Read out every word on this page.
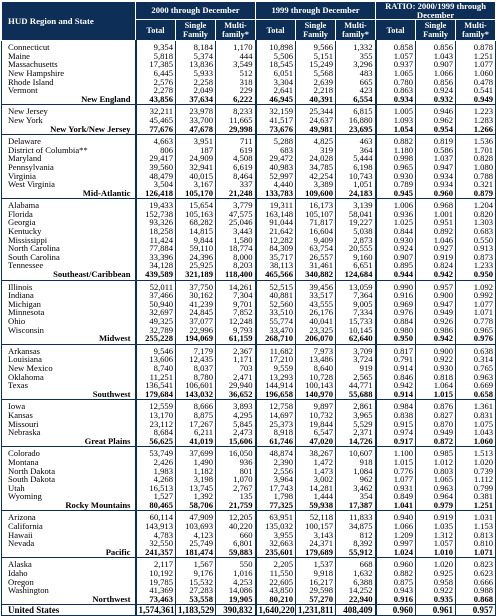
HUD Region and State	2000 through December			1999 through December			RATIO: 2000/1999 through December		
	Total	Single Family	Multi-family*	Total	Single Family	Multi-family*	Total	Single Family	Multi-family*
Connecticut	9,354	8,184	1,170	10,898	9,566	1,332	0.858	0.856	0.878
Maine	5,818	5,374	444	5,506	5,151	355	1.057	1.043	1.251
Massachusetts	17,385	13,836	3,549	18,545	15,249	3,296	0.937	0.907	1.077
New Hampshire	6,445	5,933	512	6,051	5,568	483	1.065	1.066	1.060
Rhode Island	2,576	2,258	318	3,304	2,639	665	0.780	0.856	0.478
Vermont	2,278	2,049	229	2,641	2,218	423	0.863	0.924	0.541
New England	43,856	37,634	6,222	46,945	40,391	6,554	0.934	0.932	0.949
New Jersey	32,211	23,978	8,233	32,159	25,344	6,815	1.005	0.946	1.223
New York	45,465	33,700	11,665	41,517	24,637	16,880	1.093	0.962	1.283
New York/New Jersey	77,676	47,678	29,998	73,676	49,981	23,695	1.054	0.954	1.266
Delaware	4,663	3,951	711	5,288	4,825	463	0.882	0.819	1.536
District of Columbia**	806	187	619	683	319	364	1.180	0.586	1.701
Maryland	29,417	24,909	4,508	29,472	24,028	5,444	0.998	1.037	0.828
Pennsylvania	39,560	32,941	6,619	40,983	34,785	6,198	0.965	0.947	1.080
Virginia	48,479	40,015	8,464	52,997	42,254	10,743	0.930	0.934	0.788
West Virginia	3,504	3,167	337	4,440	3,389	1,051	0.789	0.934	0.321
Mid-Atlantic	126,418	105,170	21,248	133,783	109,600	24,183	0.945	0.960	0.879
Alabama	19,433	15,654	3,779	19,311	16,173	3,139	1.006	0.968	1.204
Florida	152,738	105,163	47,575	163,148	105,107	58,041	0.936	1.001	0.820
Georgia	93,326	68,282	25,046	91,044	71,817	19,227	1.025	0.951	1.303
Kentucky	18,258	14,815	3,443	21,642	16,604	5,038	0.844	0.892	0.683
Mississippi	11,424	9,844	1,580	12,282	9,409	2,873	0.930	1.046	0.550
North Carolina	77,884	59,110	18,774	84,309	63,754	20,555	0.924	0.927	0.913
South Carolina	33,396	24,396	8,000	35,717	26,557	9,160	0.907	0.919	0.873
Tennessee	34,128	25,925	8,203	38,113	31,461	6,651	0.895	0.824	1.233
Southeast/Caribbean	439,589	321,189	118,400	465,566	340,882	124,684	0.944	0.942	0.950
Illinois	52,011	37,750	14,261	52,515	39,456	13,059	0.990	0.957	1.092
Indiana	37,466	30,162	7,304	40,881	33,517	7,364	0.916	0.900	0.992
Michigan	50,940	41,239	9,701	52,560	43,555	9,005	0.969	0.947	1.077
Minnesota	32,697	24,845	7,852	33,510	26,176	7,334	0.976	0.949	1.071
Ohio	49,325	37,077	12,248	55,774	40,041	15,733	0.884	0.926	0.778
Wisconsin	32,789	22,996	9,793	33,470	23,325	10,145	0.980	0.986	0.965
Midwest	255,228	194,069	61,159	268,710	206,070	62,640	0.950	0.942	0.976
Arkansas	9,546	7,179	2,367	11,682	7,973	3,709	0.817	0.900	0.638
Louisiana	13,606	12,435	1,171	17,210	13,486	3,724	0.791	0.922	0.314
New Mexico	8,740	8,037	703	9,559	8,640	919	0.914	0.930	0.765
Oklahoma	11,251	8,780	2,471	13,293	10,728	2,565	0.846	0.818	0.963
Texas	136,541	106,601	29,940	144,914	100,143	44,771	0.942	1.064	0.669
Southwest	179,684	143,032	36,652	196,658	140,970	55,688	0.914	1.015	0.658
Iowa	12,559	8,666	3,893	12,758	9,897	2,861	0.984	0.876	1.361
Kansas	13,170	8,875	4,295	14,697	10,732	3,965	0.838	0.827	0.831
Missouri	23,112	17,267	5,845	25,373	19,844	5,529	0.915	0.870	1.075
Nebraska	8,684	6,211	2,473	8,918	6,547	2,371	0.974	0.949	1.043
Great Plains	56,625	41,019	15,606	61,746	47,020	14,726	0.917	0.872	1.060
Colorado	53,749	37,699	16,050	48,874	38,267	10,607	1.100	0.985	1.513
Montana	2,426	1,490	936	2,390	1,472	918	1.015	1.012	1.020
North Dakota	1,983	1,182	801	2,556	1,473	1,084	0.776	0.803	0.739
South Dakota	4,268	3,198	1,070	3,964	3,002	962	1.077	1.065	1.112
Utah	16,513	13,745	2,767	17,743	14,281	3,462	0.931	0.963	0.799
Wyoming	1,527	1,392	135	1,798	1,444	354	0.849	0.964	0.381
Rocky Mountains	80,465	58,706	21,759	77,325	59,938	17,387	1.041	0.979	1.251
Arizona	60,114	47,909	12,205	63,951	52,118	11,833	0.940	0.919	1.031
California	143,913	103,693	40,220	135,032	100,157	34,875	1.066	1.035	1.153
Hawaii	4,783	4,123	660	3,955	3,143	812	1.209	1.312	0.813
Nevada	32,550	25,749	6,801	32,663	24,371	8,392	0.997	1.057	0.810
Pacific	241,357	181,474	59,883	235,601	179,689	55,912	1.024	1.010	1.071
Alaska	2,117	1,567	550	2,205	1,537	668	0.960	1.020	0.823
Idaho	10,192	9,176	1,016	11,550	9,918	1,632	0.882	0.925	0.623
Oregon	19,785	15,532	4,253	22,605	16,217	6,388	0.875	0.958	0.666
Washington	41,369	27,283	14,086	43,850	29,598	14,252	0.943	0.922	0.988
Northwest	73,463	53,558	19,905	80,210	57,270	22,940	0.916	0.935	0.868
United States	1,574,361	1,183,529	390,832	1,640,220	1,231,811	408,409	0.960	0.961	0.957
